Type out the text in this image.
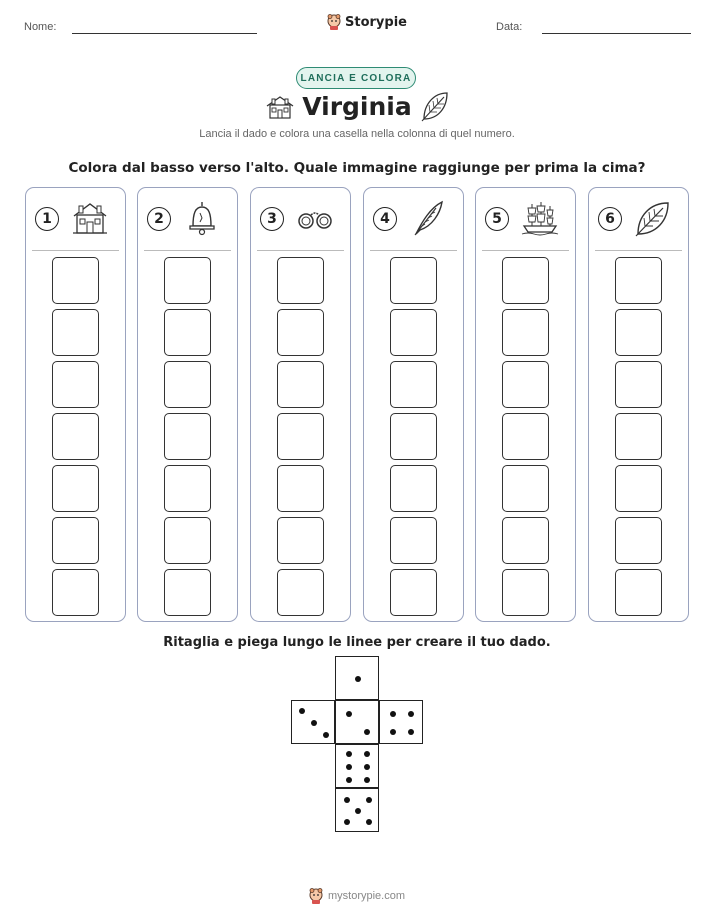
Nome:	Storypie	Data:
LANCIA E COLORA
Virginia
Lancia il dado e colora una casella nella colonna di quel numero.
Colora dal basso verso l'alto. Quale immagine raggiunge per prima la cima?
1	2	3	4	5	6
Ritaglia e piega lungo le linee per creare il tuo dado.
mystorypie.com
